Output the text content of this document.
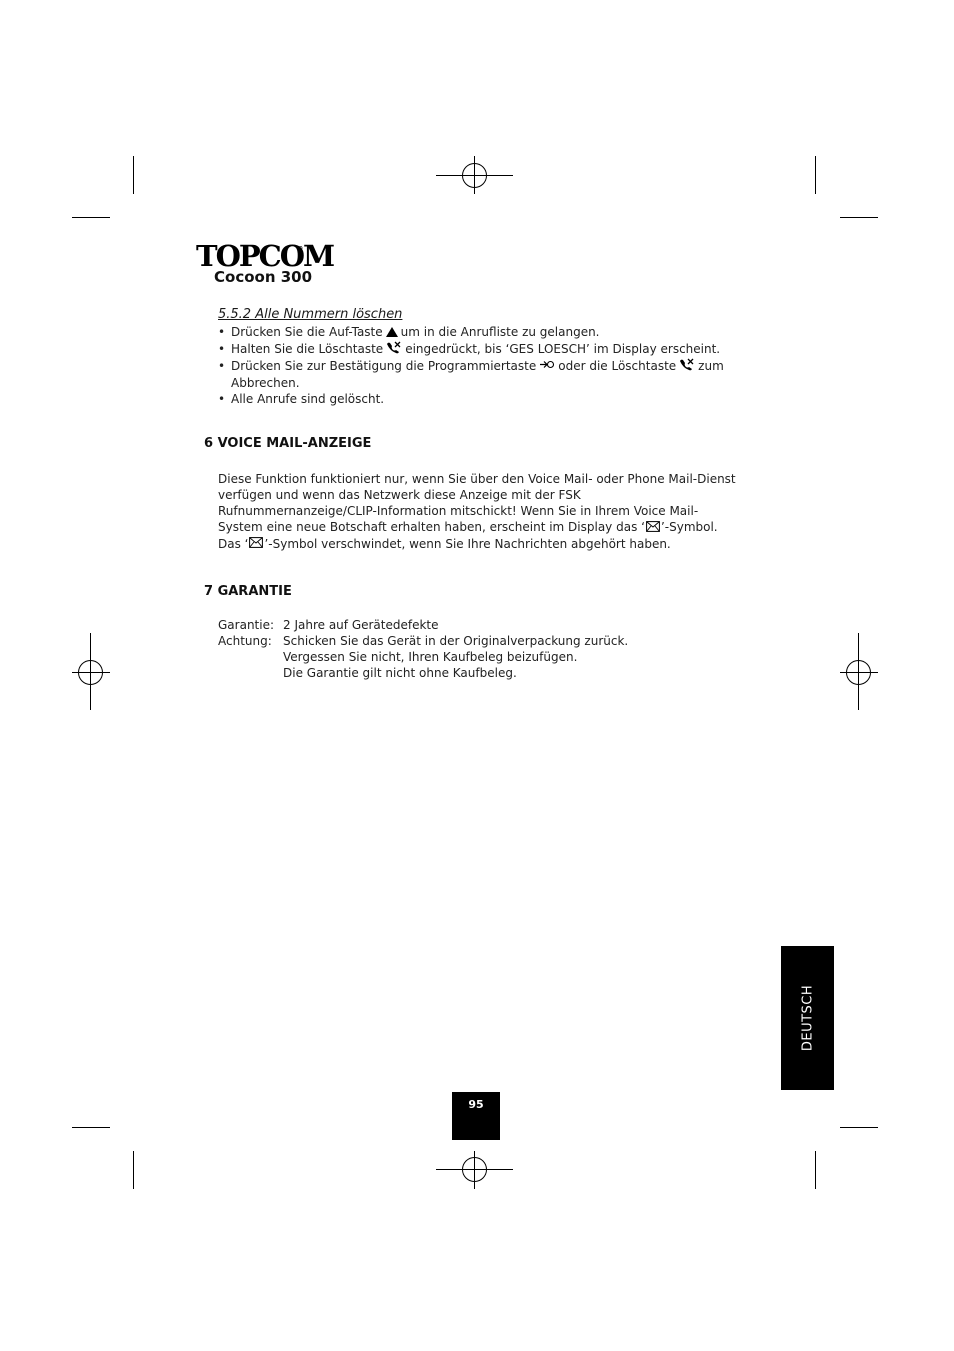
TOPCOM
Cocoon 300
5.5.2 Alle Nummern löschen
• Drücken Sie die Auf-Taste um in die Anrufliste zu gelangen.
• Halten Sie die Löschtaste eingedrückt, bis ‘GES LOESCH’ im Display erscheint.
• Drücken Sie zur Bestätigung die Programmiertaste oder die Löschtaste zum Abbrechen.
• Alle Anrufe sind gelöscht.
6 VOICE MAIL-ANZEIGE
Diese Funktion funktioniert nur, wenn Sie über den Voice Mail- oder Phone Mail-Dienst verfügen und wenn das Netzwerk diese Anzeige mit der FSK Rufnummernanzeige/CLIP-Information mitschickt! Wenn Sie in Ihrem Voice Mail-System eine neue Botschaft erhalten haben, erscheint im Display das ‘ ’-Symbol. Das ‘ ’-Symbol verschwindet, wenn Sie Ihre Nachrichten abgehört haben.
7 GARANTIE
Garantie:	2 Jahre auf Gerätedefekte
Achtung:	Schicken Sie das Gerät in der Originalverpackung zurück.
Vergessen Sie nicht, Ihren Kaufbeleg beizufügen.
Die Garantie gilt nicht ohne Kaufbeleg.
DEUTSCH
95
